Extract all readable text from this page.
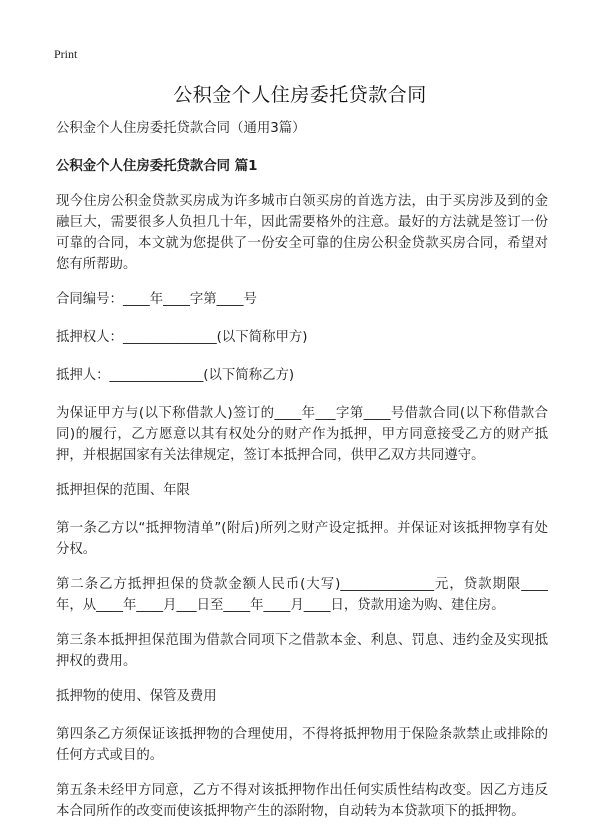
Print
公积金个人住房委托贷款合同

公积金个人住房委托贷款合同（通用3篇）

公积金个人住房委托贷款合同 篇1

现今住房公积金贷款买房成为许多城市白领买房的首选方法，由于买房涉及到的金融巨大，需要很多人负担几十年，因此需要格外的注意。最好的方法就是签订一份可靠的合同，本文就为您提供了一份安全可靠的住房公积金贷款买房合同，希望对您有所帮助。

合同编号：____年____字第____号

抵押权人：______________(以下简称甲方)

抵押人：______________(以下简称乙方)

为保证甲方与(以下称借款人)签订的____年___字第____号借款合同(以下称借款合同)的履行，乙方愿意以其有权处分的财产作为抵押，甲方同意接受乙方的财产抵押，并根据国家有关法律规定，签订本抵押合同，供甲乙双方共同遵守。

抵押担保的范围、年限

第一条乙方以“抵押物清单”(附后)所列之财产设定抵押。并保证对该抵押物享有处分权。

第二条乙方抵押担保的贷款金额人民币(大写)______________元，贷款期限____年，从____年____月___日至____年____月____日，贷款用途为购、建住房。

第三条本抵押担保范围为借款合同项下之借款本金、利息、罚息、违约金及实现抵押权的费用。

抵押物的使用、保管及费用

第四条乙方须保证该抵押物的合理使用，不得将抵押物用于保险条款禁止或排除的任何方式或目的。

第五条未经甲方同意，乙方不得对该抵押物作出任何实质性结构改变。因乙方违反本合同所作的改变而使该抵押物产生的添附物，自动转为本贷款项下的抵押物。
